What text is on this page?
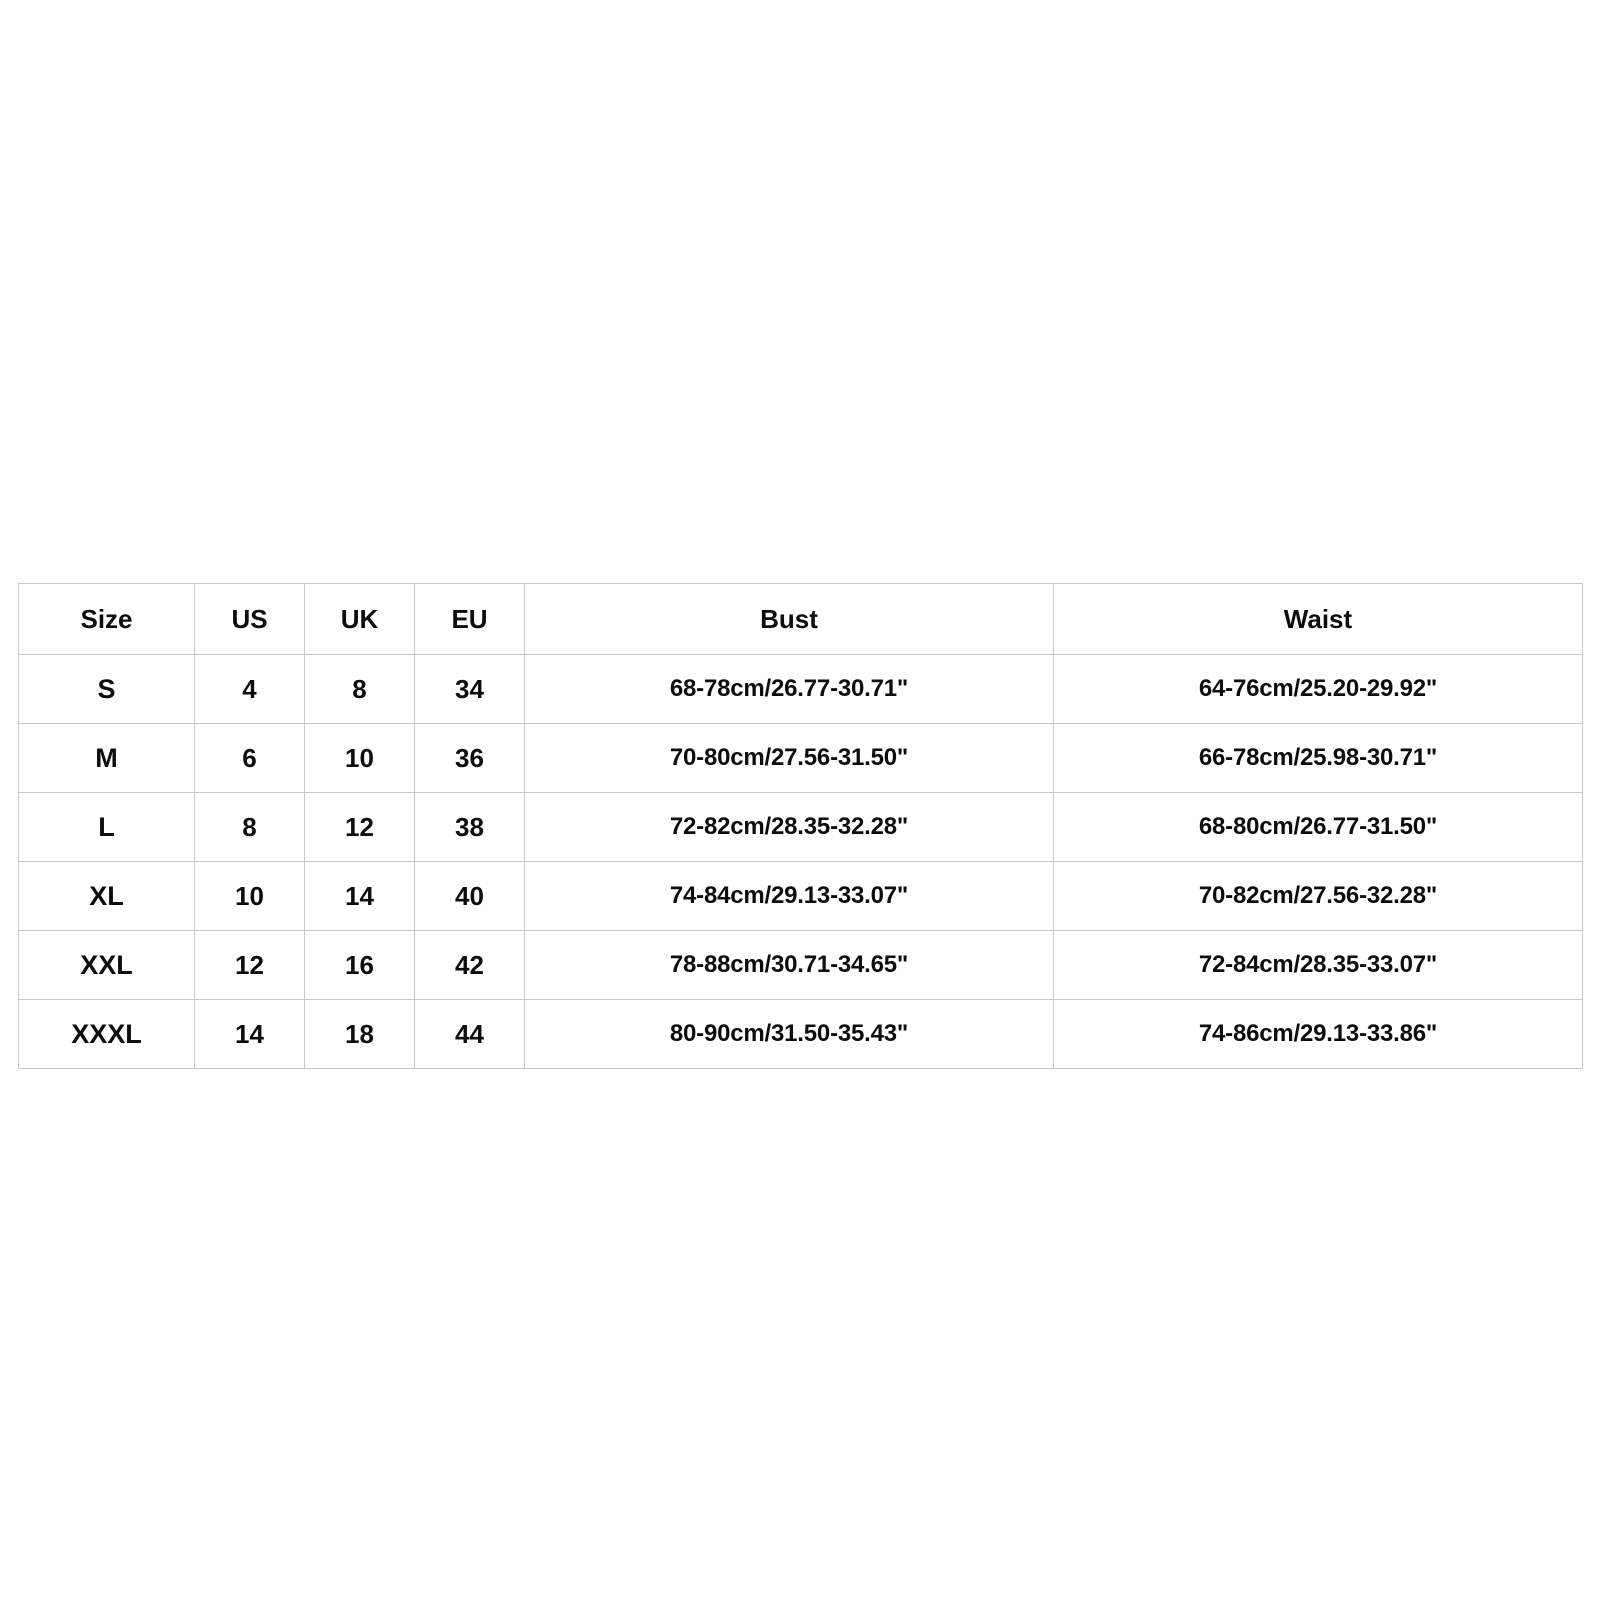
Size	US	UK	EU	Bust	Waist
S	4	8	34	68-78cm/26.77-30.71"	64-76cm/25.20-29.92"
M	6	10	36	70-80cm/27.56-31.50"	66-78cm/25.98-30.71"
L	8	12	38	72-82cm/28.35-32.28"	68-80cm/26.77-31.50"
XL	10	14	40	74-84cm/29.13-33.07"	70-82cm/27.56-32.28"
XXL	12	16	42	78-88cm/30.71-34.65"	72-84cm/28.35-33.07"
XXXL	14	18	44	80-90cm/31.50-35.43"	74-86cm/29.13-33.86"
